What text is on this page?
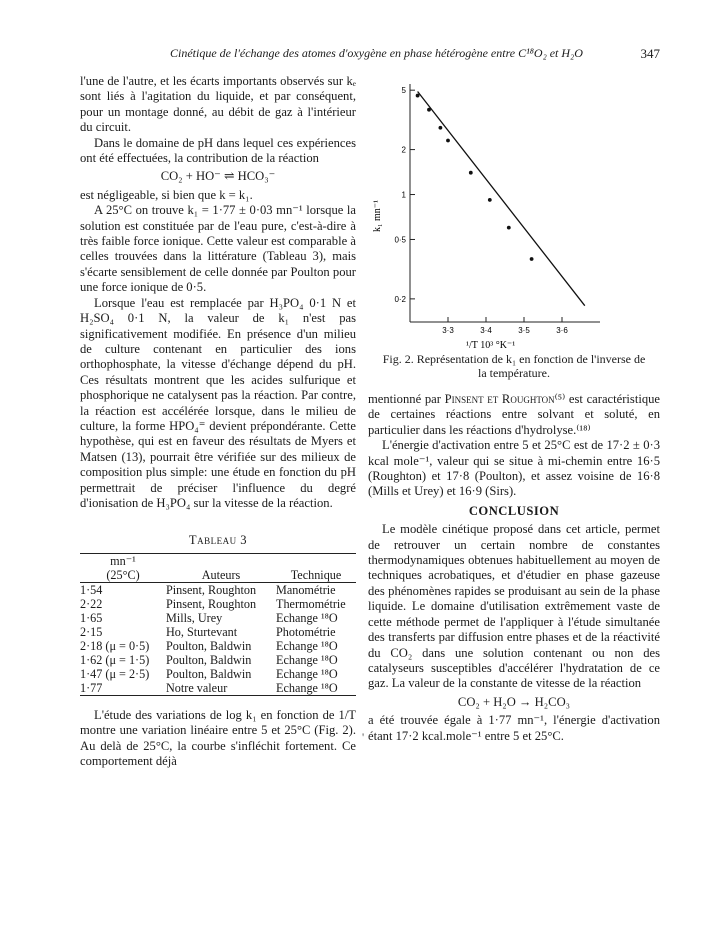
Cinétique de l'échange des atomes d'oxygène en phase hétérogène entre C¹⁸O₂ et H₂O	347

l'une de l'autre, et les écarts importants observés sur kₑ sont liés à l'agitation du liquide, et par conséquent, pour un montage donné, au débit de gaz à l'intérieur du circuit.

Dans le domaine de pH dans lequel ces expériences ont été effectuées, la contribution de la réaction

CO₂ + HO⁻ ⇌ HCO₃⁻

est négligeable, si bien que k = k₁.

A 25°C on trouve k₁ = 1·77 ± 0·03 mn⁻¹ lorsque la solution est constituée par de l'eau pure, c'est-à-dire à très faible force ionique. Cette valeur est comparable à celles trouvées dans la littérature (Tableau 3), mais s'écarte sensiblement de celle donnée par Poulton pour une force ionique de 0·5.

Lorsque l'eau est remplacée par H₃PO₄ 0·1 N et H₂SO₄ 0·1 N, la valeur de k₁ n'est pas significativement modifiée. En présence d'un milieu de culture contenant en particulier des ions orthophosphate, la vitesse d'échange dépend du pH. Ces résultats montrent que les acides sulfurique et phosphorique ne catalysent pas la réaction. Par contre, la réaction est accélérée lorsque, dans le milieu de culture, la forme HPO₄⁼ devient prépondérante. Cette hypothèse, qui est en faveur des résultats de Myers et Matsen (13), pourrait être vérifiée sur des milieux de composition plus simple: une étude en fonction du pH permettrait de préciser l'influence du degré d'ionisation de H₃PO₄ sur la vitesse de la réaction.

Tableau 3
mn⁻¹		
(25°C)	Auteurs	Technique
1·54	Pinsent, Roughton	Manométrie
2·22	Pinsent, Roughton	Thermométrie
1·65	Mills, Urey	Echange ¹⁸O
2·15	Ho, Sturtevant	Photométrie
2·18 (μ = 0·5)	Poulton, Baldwin	Echange ¹⁸O
1·62 (μ = 1·5)	Poulton, Baldwin	Echange ¹⁸O
1·47 (μ = 2·5)	Poulton, Baldwin	Echange ¹⁸O
1·77	Notre valeur	Echange ¹⁸O

L'étude des variations de log k₁ en fonction de 1/T montre une variation linéaire entre 5 et 25°C (Fig. 2). Au delà de 25°C, la courbe s'infléchit fortement. Ce comportement déjà

5
2
1
0·5
0·2
3·3	3·4	3·5	3·6
k₁ mn⁻¹
¹/T 10³ °K⁻¹
Fig. 2. Représentation de k₁ en fonction de l'inverse de la température.

mentionné par Pinsent et Roughton⁽⁵⁾ est caractéristique de certaines réactions entre solvant et soluté, en particulier dans les réactions d'hydrolyse.⁽¹⁸⁾

L'énergie d'activation entre 5 et 25°C est de 17·2 ± 0·3 kcal mole⁻¹, valeur qui se situe à mi-chemin entre 16·5 (Roughton) et 17·8 (Poulton), et assez voisine de 16·8 (Mills et Urey) et 16·9 (Sirs).

CONCLUSION

Le modèle cinétique proposé dans cet article, permet de retrouver un certain nombre de constantes thermodynamiques obtenues habituellement au moyen de techniques acrobatiques, et d'étudier en phase gazeuse des phénomènes rapides se produisant au sein de la phase liquide. Le domaine d'utilisation extrêmement vaste de cette méthode permet de l'appliquer à l'étude simultanée des transferts par diffusion entre phases et de la réactivité du CO₂ dans une solution contenant ou non des catalyseurs susceptibles d'accélérer l'hydratation de ce gaz. La valeur de la constante de vitesse de la réaction

CO₂ + H₂O → H₂CO₃

a été trouvée égale à 1·77 mn⁻¹, l'énergie d'activation étant 17·2 kcal.mole⁻¹ entre 5 et 25°C.

'
